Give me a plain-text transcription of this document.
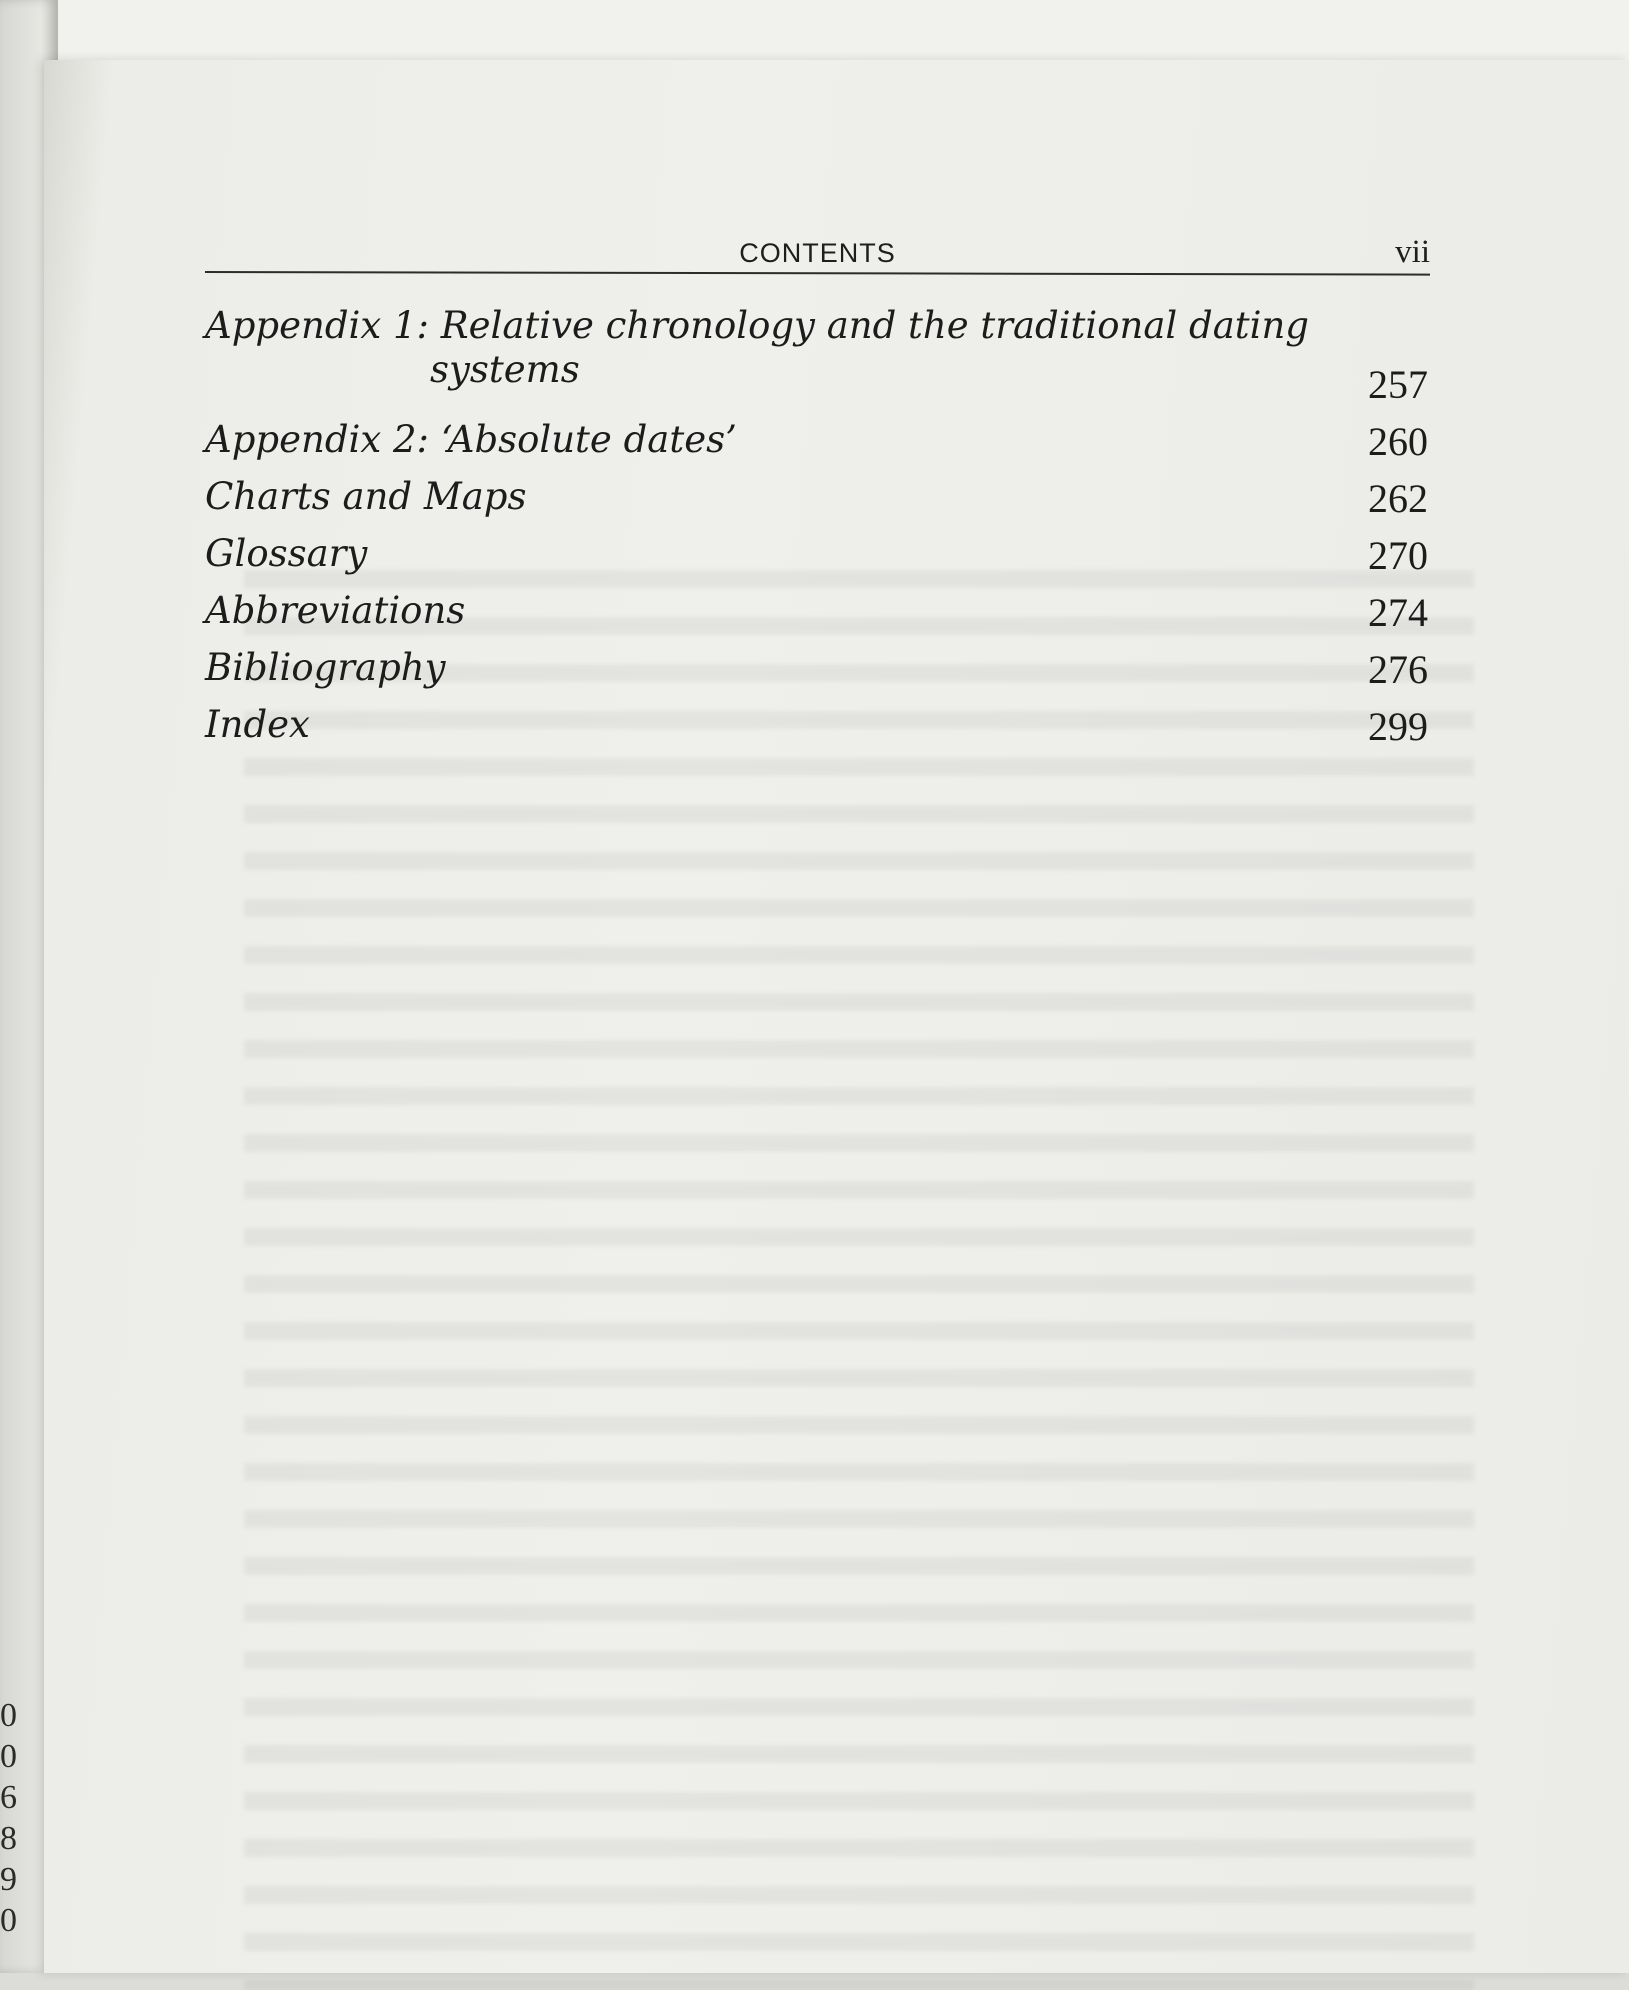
0
0
6
8
9
0
CONTENTS	vii
Appendix 1: Relative chronology and the traditional dating
systems	257
Appendix 2: ‘Absolute dates’	260
Charts and Maps	262
Glossary	270
Abbreviations	274
Bibliography	276
Index	299
